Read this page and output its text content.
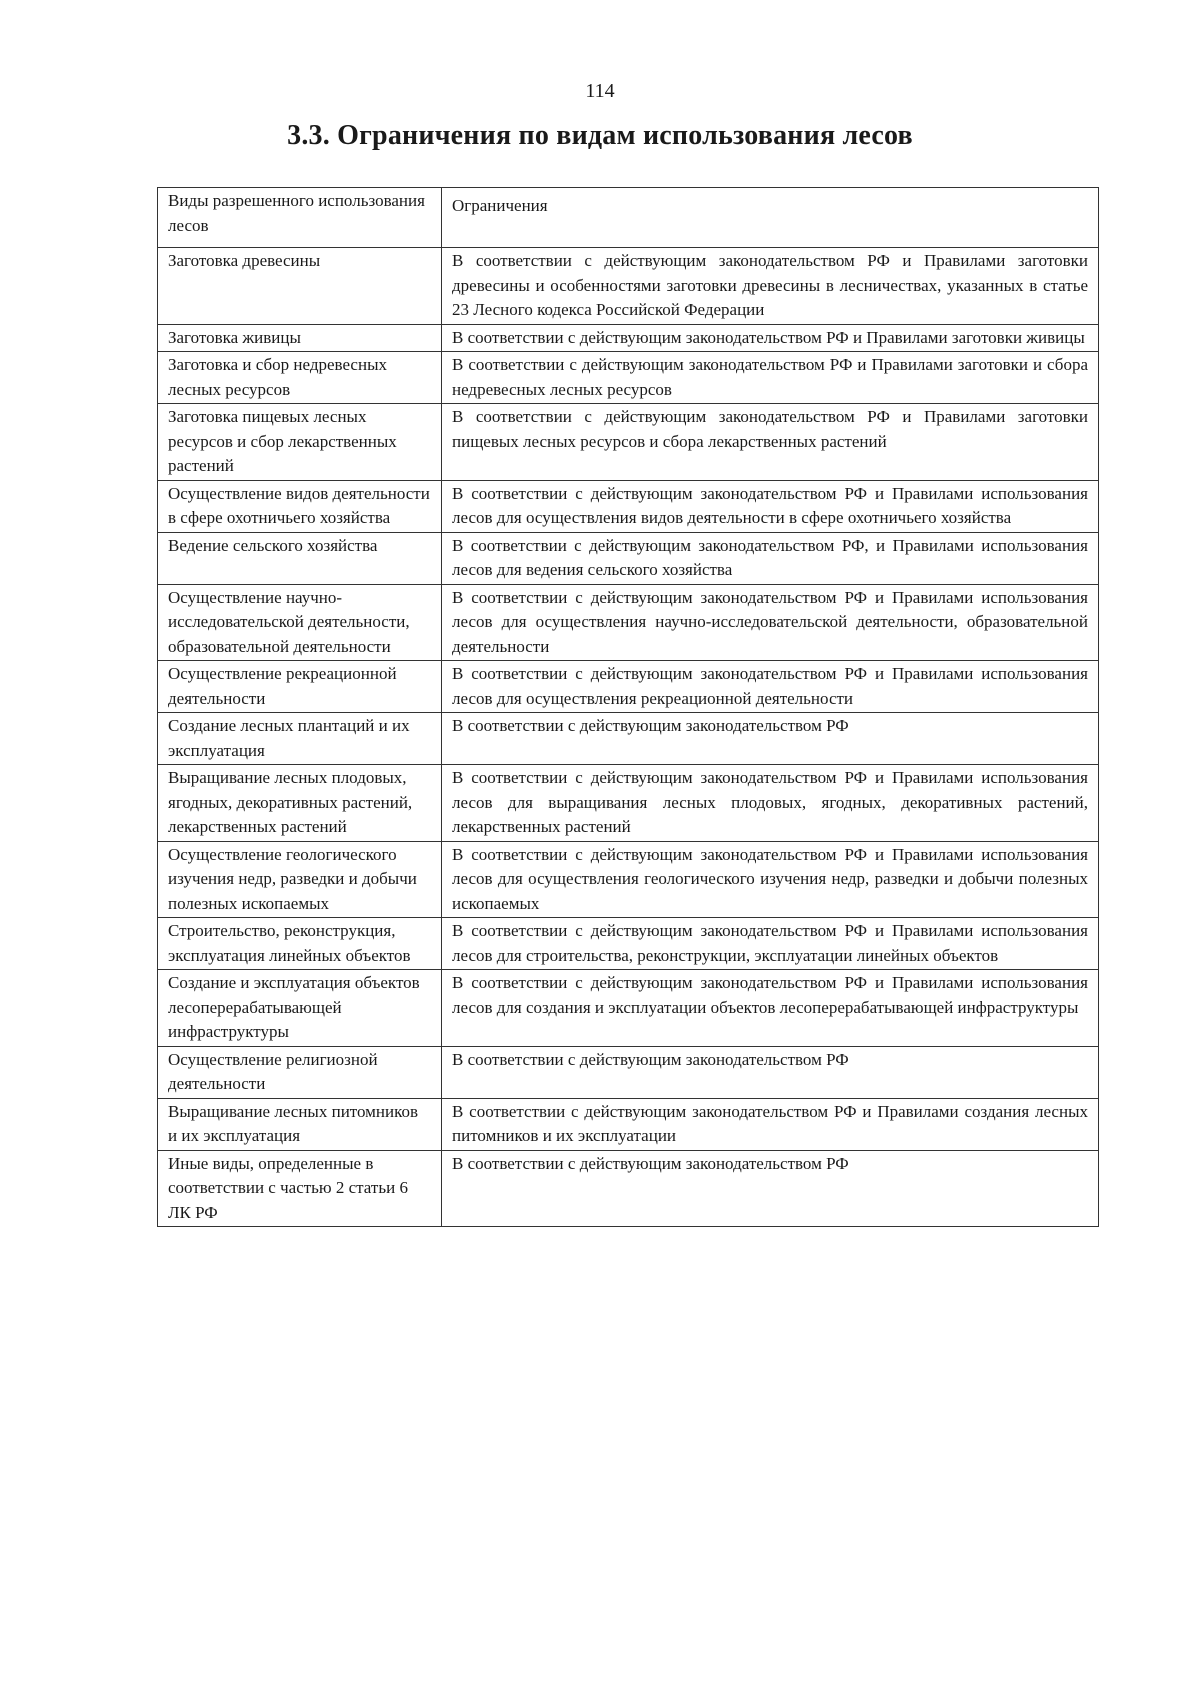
114
3.3. Ограничения по видам использования лесов
Виды разрешенного использования лесов	Ограничения
Заготовка древесины	В соответствии с действующим законодательством РФ и Правилами заготовки древесины и особенностями заготовки древесины в лесничествах, указанных в статье 23 Лесного кодекса Российской Федерации
Заготовка живицы	В соответствии с действующим законодательством РФ и Правилами заготовки живицы
Заготовка и сбор недревесных лесных ресурсов	В соответствии с действующим законодательством РФ и Правилами заготовки и сбора недревесных лесных ресурсов
Заготовка пищевых лесных ресурсов и сбор лекарственных растений	В соответствии с действующим законодательством РФ и Правилами заготовки пищевых лесных ресурсов и сбора лекарственных растений
Осуществление видов деятельности в сфере охотничьего хозяйства	В соответствии с действующим законодательством РФ и Правилами использования лесов для осуществления видов деятельности в сфере охотничьего хозяйства
Ведение сельского хозяйства	В соответствии с действующим законодательством РФ, и Правилами использования лесов для ведения сельского хозяйства
Осуществление научно-исследовательской деятельности, образовательной деятельности	В соответствии с действующим законодательством РФ и Правилами использования лесов для осуществления научно-исследовательской деятельности, образовательной деятельности
Осуществление рекреационной деятельности	В соответствии с действующим законодательством РФ и Правилами использования лесов для осуществления рекреационной деятельности
Создание лесных плантаций и их эксплуатация	В соответствии с действующим законодательством РФ
Выращивание лесных плодовых, ягодных, декоративных растений, лекарственных растений	В соответствии с действующим законодательством РФ и Правилами использования лесов для выращивания лесных плодовых, ягодных, декоративных растений, лекарственных растений
Осуществление геологического изучения недр, разведки и добычи полезных ископаемых	В соответствии с действующим законодательством РФ и Правилами использования лесов для осуществления геологического изучения недр, разведки и добычи полезных ископаемых
Строительство, реконструкция, эксплуатация линейных объектов	В соответствии с действующим законодательством РФ и Правилами использования лесов для строительства, реконструкции, эксплуатации линейных объектов
Создание и эксплуатация объектов лесоперерабатывающей инфраструктуры	В соответствии с действующим законодательством РФ и Правилами использования лесов для создания и эксплуатации объектов лесоперерабатывающей инфраструктуры
Осуществление религиозной деятельности	В соответствии с действующим законодательством РФ
Выращивание лесных питомников и их эксплуатация	В соответствии с действующим законодательством РФ и Правилами создания лесных питомников и их эксплуатации
Иные виды, определенные в соответствии с частью 2 статьи 6 ЛК РФ	В соответствии с действующим законодательством РФ
